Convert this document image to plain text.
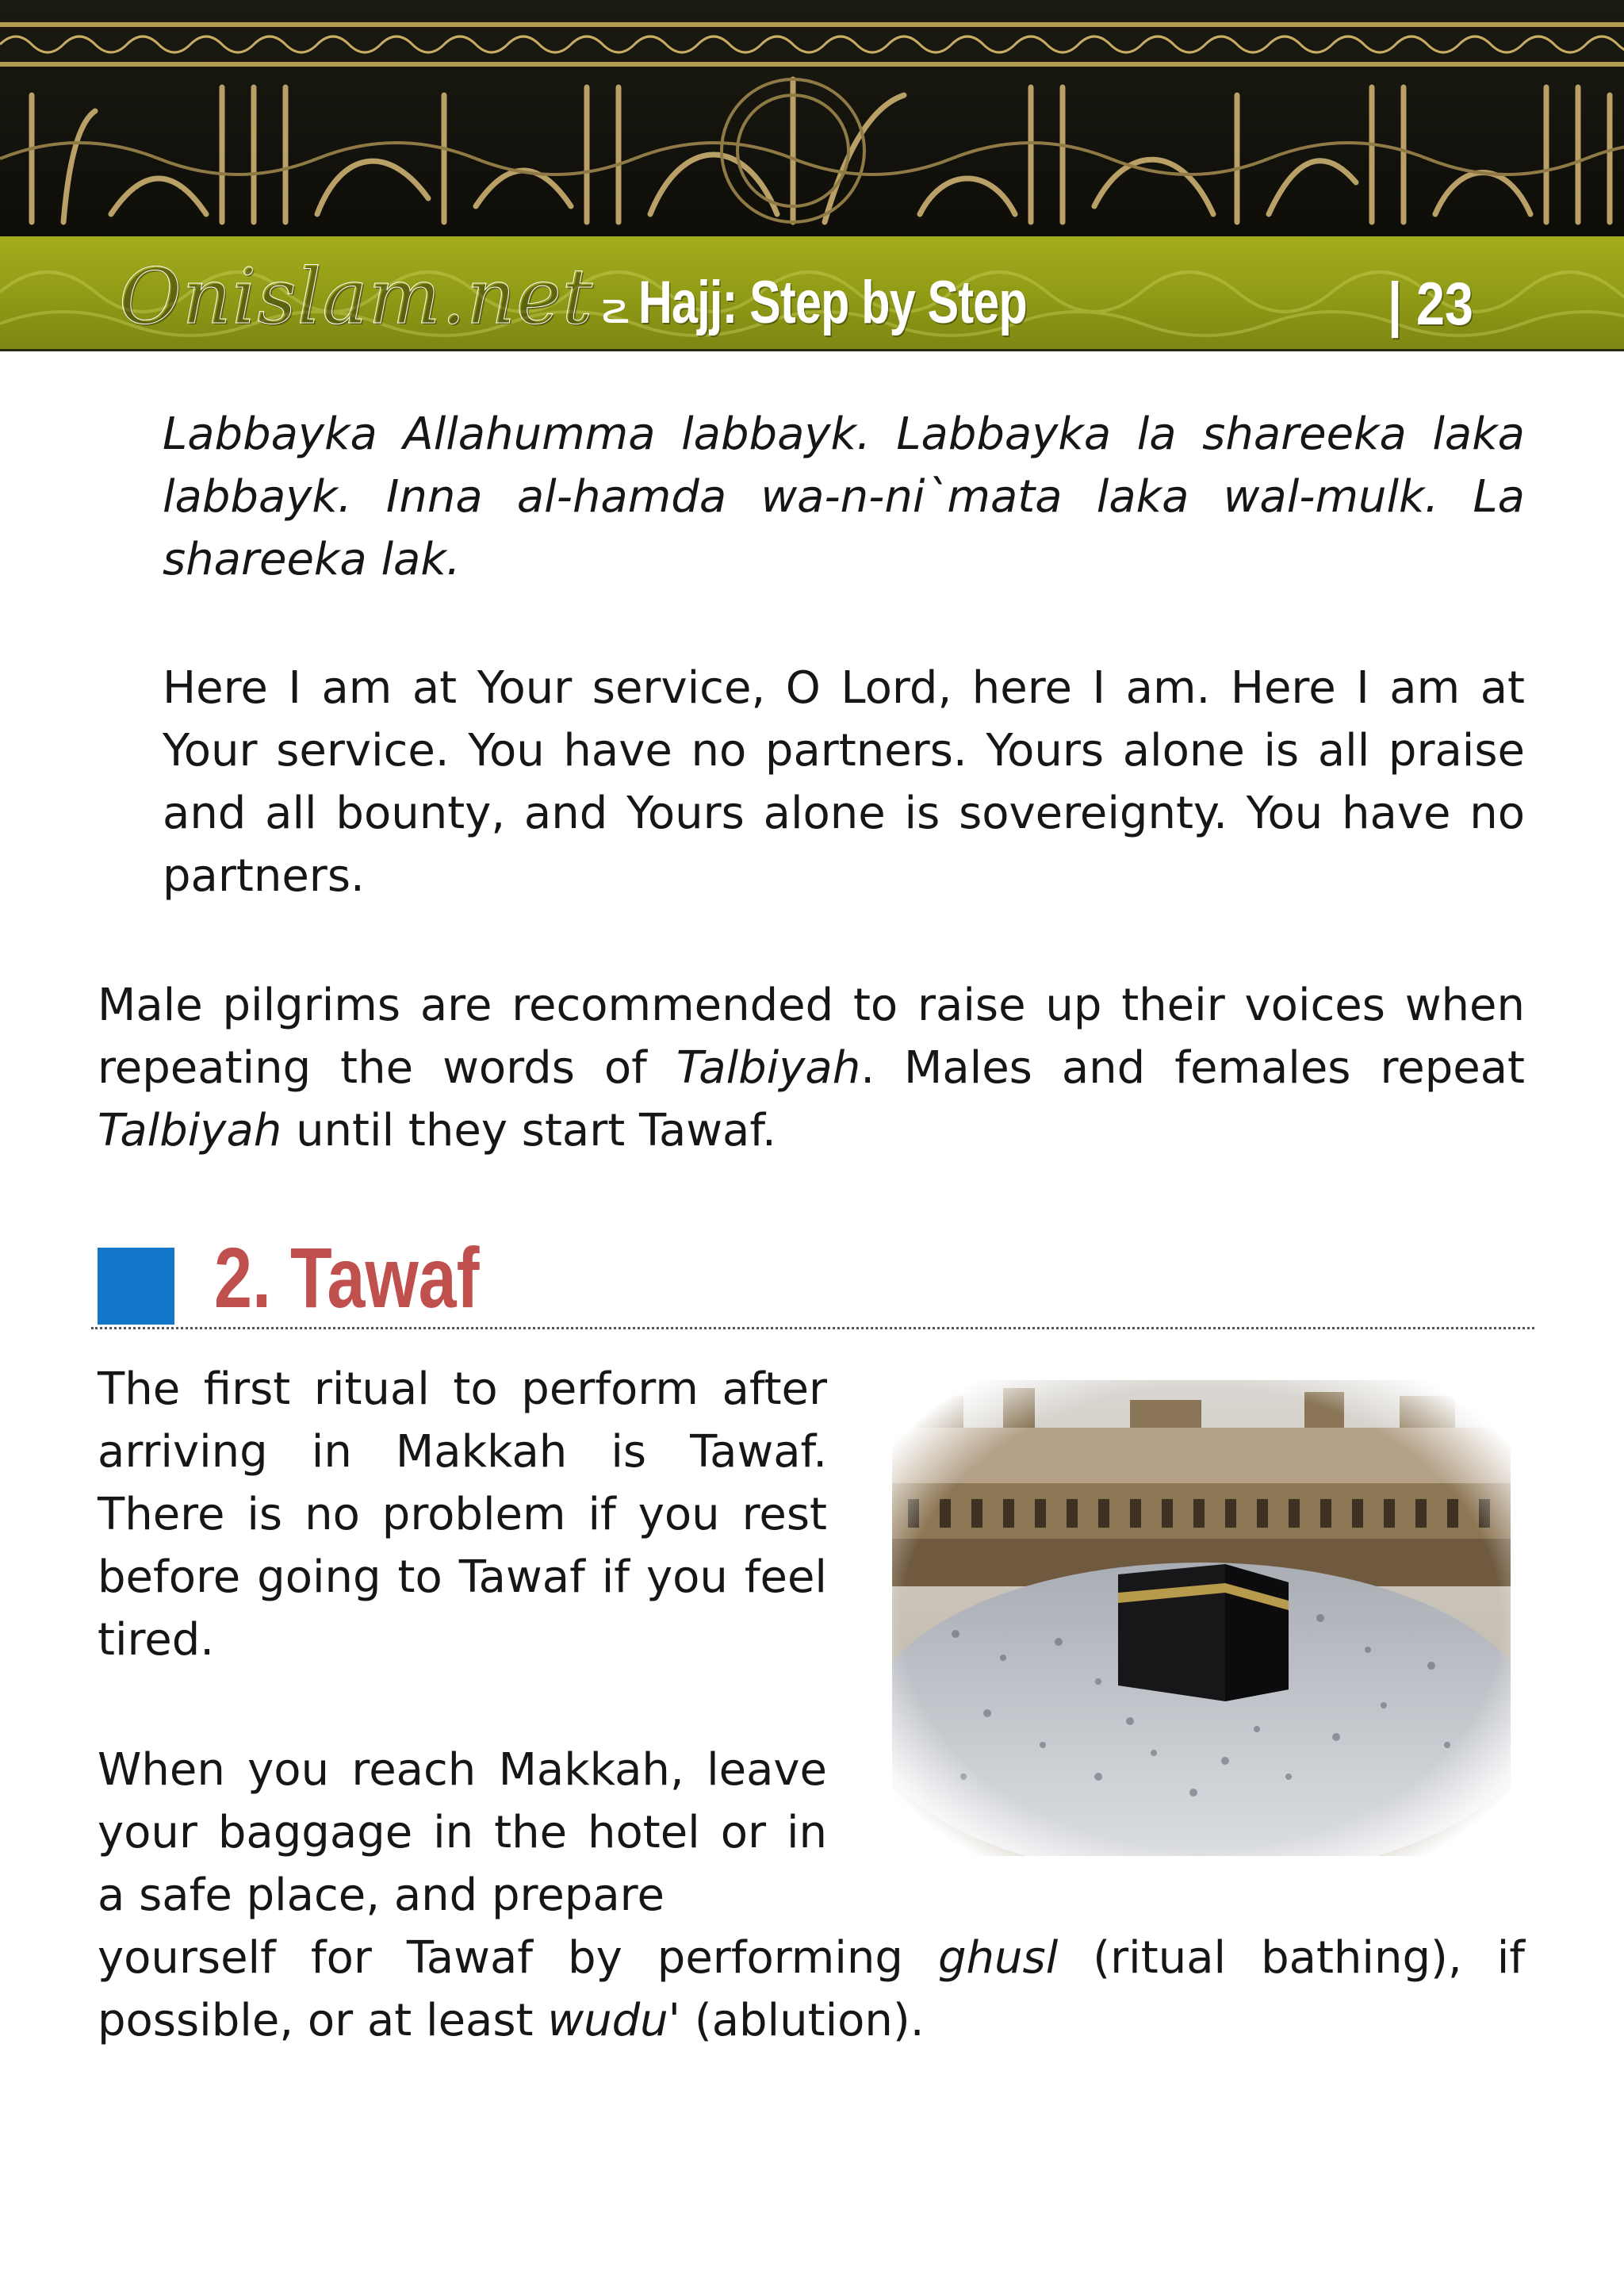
Onislam.net ౽ Hajj: Step by Step	| 23

Labbayka Allahumma labbayk. Labbayka la shareeka laka labbayk. Inna al-hamda wa-n-ni`mata laka wal-mulk. La shareeka lak.

Here I am at Your service, O Lord, here I am. Here I am at Your service. You have no partners. Yours alone is all praise and all bounty, and Yours alone is sovereignty. You have no partners.

Male pilgrims are recommended to raise up their voices when repeating the words of Talbiyah. Males and females repeat Talbiyah until they start Tawaf.

2. Tawaf

The first ritual to perform after arriving in Makkah is Tawaf. There is no problem if you rest before going to Tawaf if you feel tired.

When you reach Makkah, leave your baggage in the hotel or in a safe place, and prepare

yourself for Tawaf by performing ghusl (ritual bathing), if possible, or at least wudu' (ablution).
